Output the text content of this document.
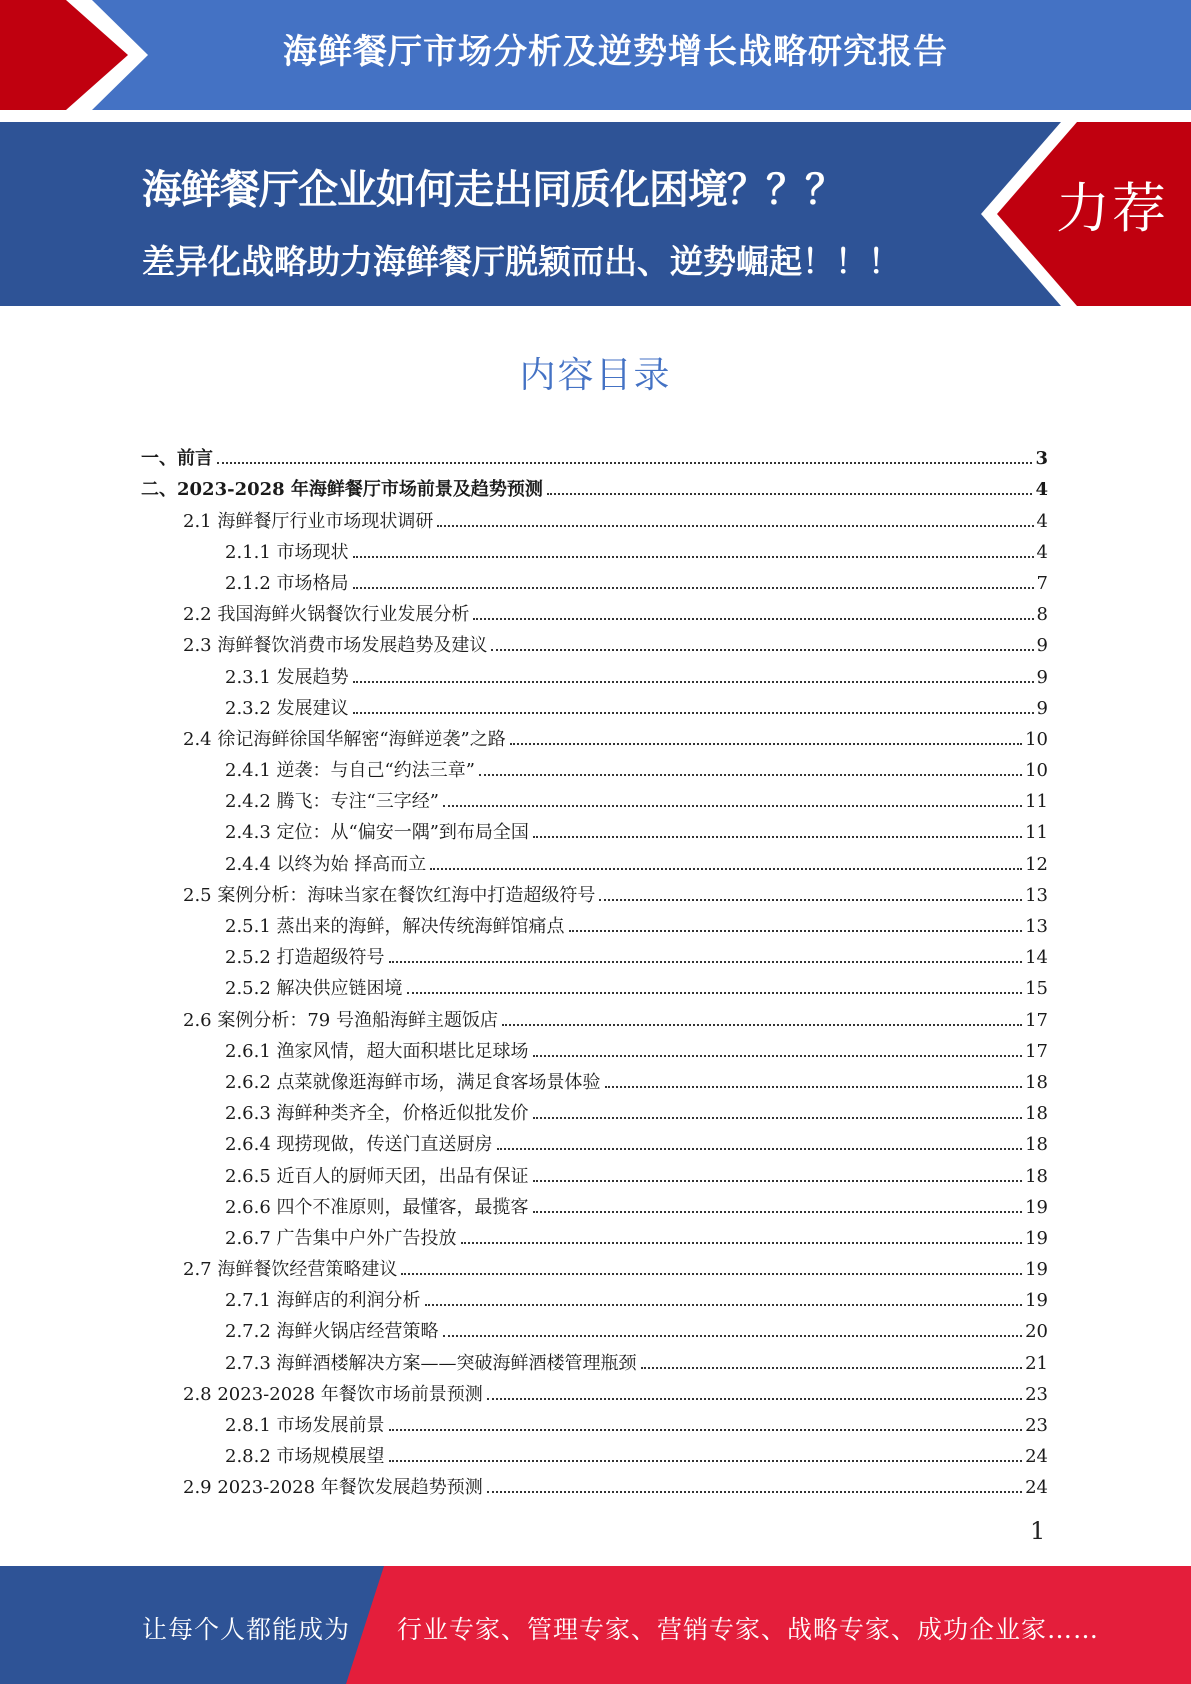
海鲜餐厅市场分析及逆势增长战略研究报告
海鲜餐厅企业如何走出同质化困境？？？
差异化战略助力海鲜餐厅脱颖而出、逆势崛起！！！
力荐
内容目录
一、前言	3
二、2023-2028 年海鲜餐厅市场前景及趋势预测	4
2.1 海鲜餐厅行业市场现状调研	4
2.1.1 市场现状	4
2.1.2 市场格局	7
2.2 我国海鲜火锅餐饮行业发展分析	8
2.3 海鲜餐饮消费市场发展趋势及建议	9
2.3.1 发展趋势	9
2.3.2 发展建议	9
2.4 徐记海鲜徐国华解密“海鲜逆袭”之路	10
2.4.1 逆袭：与自己“约法三章”	10
2.4.2 腾飞：专注“三字经”	11
2.4.3 定位：从“偏安一隅”到布局全国	11
2.4.4 以终为始 择高而立	12
2.5 案例分析：海味当家在餐饮红海中打造超级符号	13
2.5.1 蒸出来的海鲜，解决传统海鲜馆痛点	13
2.5.2 打造超级符号	14
2.5.2 解决供应链困境	15
2.6 案例分析：79 号渔船海鲜主题饭店	17
2.6.1 渔家风情，超大面积堪比足球场	17
2.6.2 点菜就像逛海鲜市场，满足食客场景体验	18
2.6.3 海鲜种类齐全，价格近似批发价	18
2.6.4 现捞现做，传送门直送厨房	18
2.6.5 近百人的厨师天团，出品有保证	18
2.6.6 四个不准原则，最懂客，最揽客	19
2.6.7 广告集中户外广告投放	19
2.7 海鲜餐饮经营策略建议	19
2.7.1 海鲜店的利润分析	19
2.7.2 海鲜火锅店经营策略	20
2.7.3 海鲜酒楼解决方案——突破海鲜酒楼管理瓶颈	21
2.8 2023-2028 年餐饮市场前景预测	23
2.8.1 市场发展前景	23
2.8.2 市场规模展望	24
2.9 2023-2028 年餐饮发展趋势预测	24
1
让每个人都能成为 行业专家、管理专家、营销专家、战略专家、成功企业家……
